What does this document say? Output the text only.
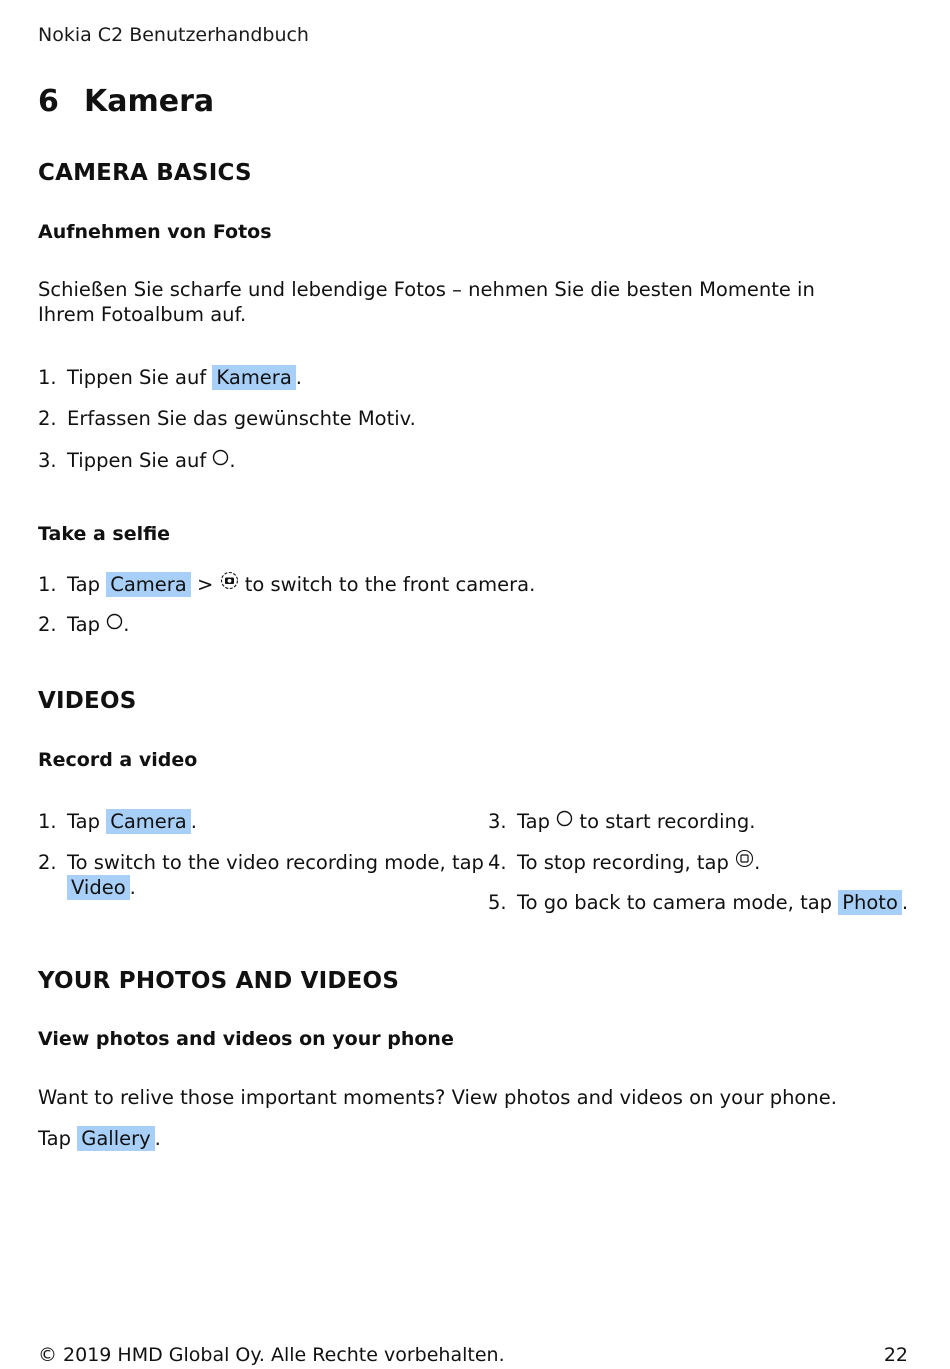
Nokia C2 Benutzerhandbuch
6 Kamera
CAMERA BASICS
Aufnehmen von Fotos
Schießen Sie scharfe und lebendige Fotos – nehmen Sie die besten Momente in Ihrem Fotoalbum auf.
1. Tippen Sie auf Kamera .
2. Erfassen Sie das gewünschte Motiv.
3. Tippen Sie auf .
Take a selfie
1. Tap Camera > to switch to the front camera.
2. Tap .
VIDEOS
Record a video
1. Tap Camera .
2. To switch to the video recording mode, tap
Video .
3. Tap to start recording.
4. To stop recording, tap .
5. To go back to camera mode, tap Photo .
YOUR PHOTOS AND VIDEOS
View photos and videos on your phone
Want to relive those important moments? View photos and videos on your phone.
Tap Gallery .
© 2019 HMD Global Oy. Alle Rechte vorbehalten.	22
